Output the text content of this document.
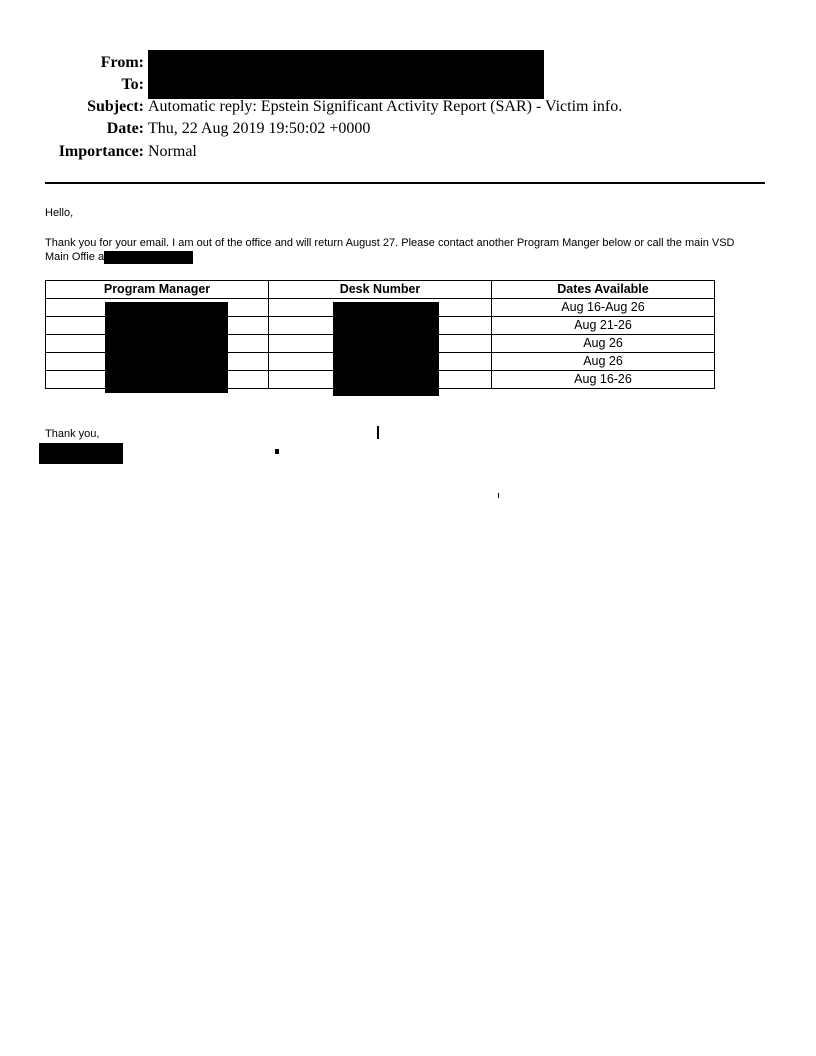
From:
To:
Subject: Automatic reply: Epstein Significant Activity Report (SAR) - Victim info.
Date: Thu, 22 Aug 2019 19:50:02 +0000
Importance: Normal
Hello,
Thank you for your email. I am out of the office and will return August 27. Please contact another Program Manger below or call the main VSD
Main Offie a
Program Manager	Desk Number	Dates Available
		Aug 16-Aug 26
		Aug 21-26
		Aug 26
		Aug 26
		Aug 16-26
Thank you,
